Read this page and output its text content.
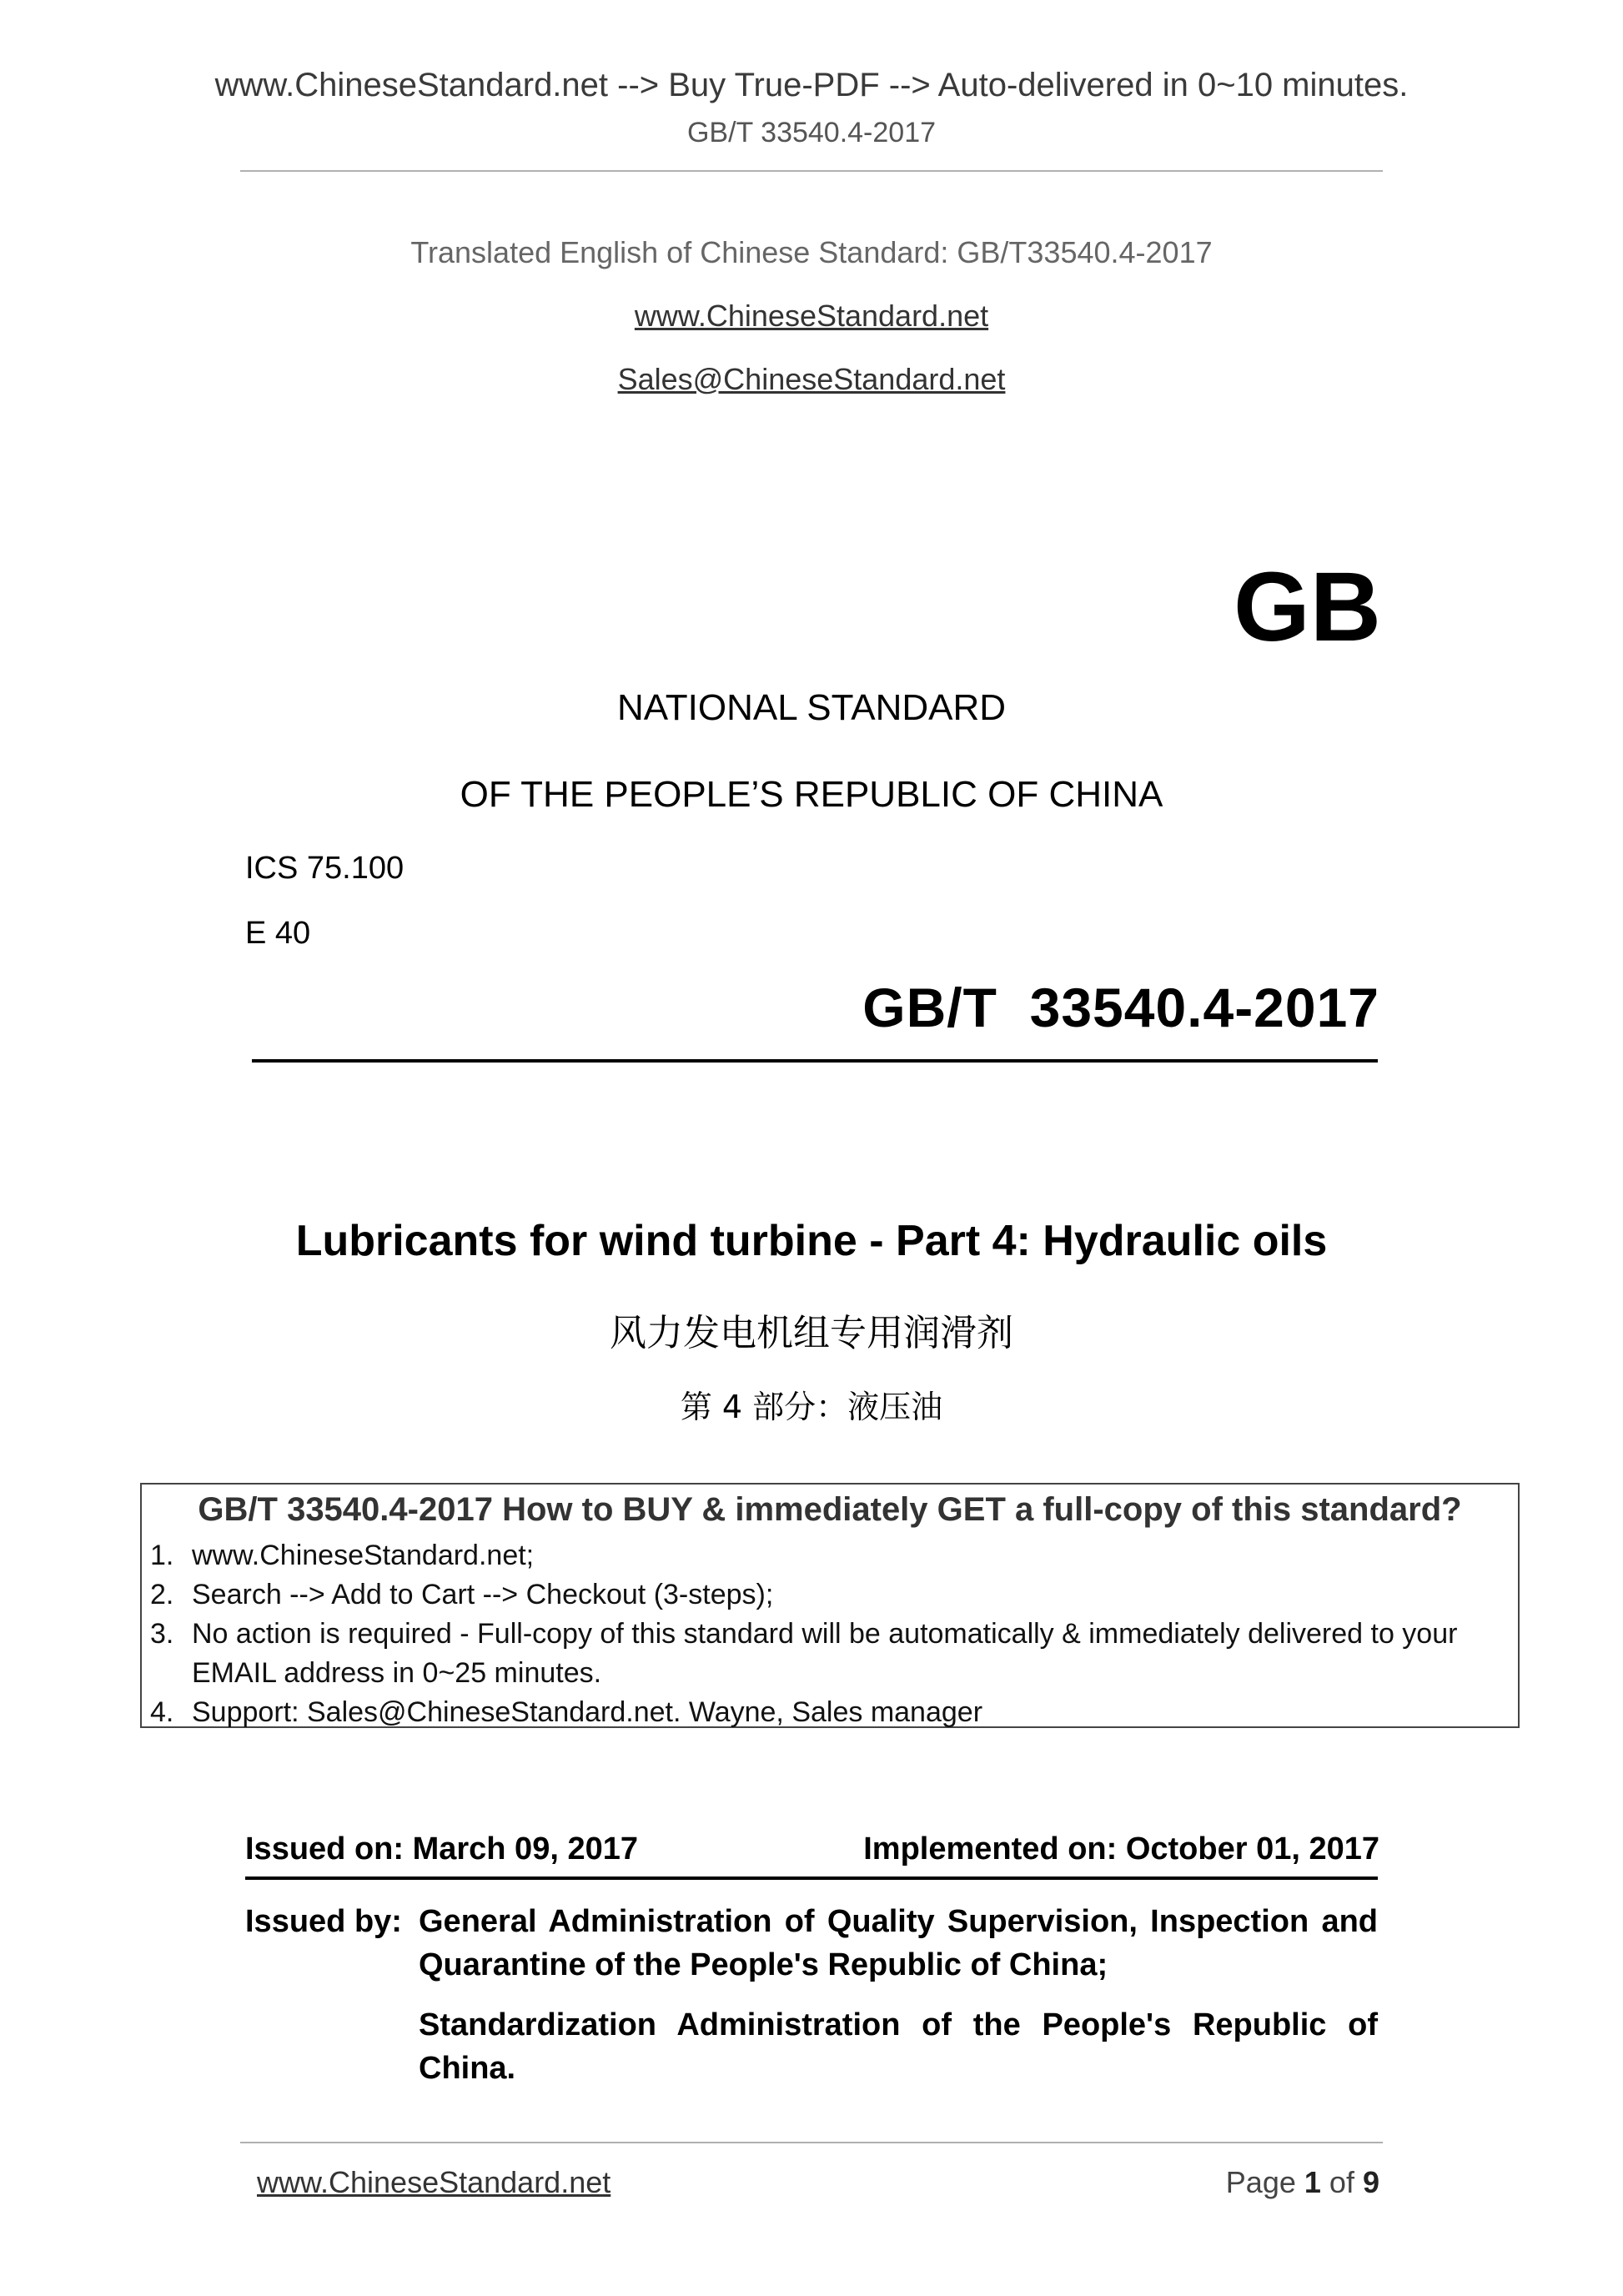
www.ChineseStandard.net --> Buy True-PDF --> Auto-delivered in 0~10 minutes.
GB/T 33540.4-2017
Translated English of Chinese Standard: GB/T33540.4-2017
www.ChineseStandard.net
Sales@ChineseStandard.net
GB
NATIONAL STANDARD
OF THE PEOPLE’S REPUBLIC OF CHINA
ICS 75.100
E 40
GB/T  33540.4-2017
Lubricants for wind turbine - Part 4: Hydraulic oils
风力发电机组专用润滑剂
第 4 部分：液压油
GB/T 33540.4-2017 How to BUY & immediately GET a full-copy of this standard?
1. www.ChineseStandard.net;
2. Search --> Add to Cart --> Checkout (3-steps);
3. No action is required - Full-copy of this standard will be automatically & immediately delivered to your EMAIL address in 0~25 minutes.
4. Support: Sales@ChineseStandard.net. Wayne, Sales manager
Issued on: March 09, 2017	Implemented on: October 01, 2017
Issued by: General Administration of Quality Supervision, Inspection and Quarantine of the People's Republic of China;
Standardization Administration of the People's Republic of China.
www.ChineseStandard.net	Page 1 of 9
